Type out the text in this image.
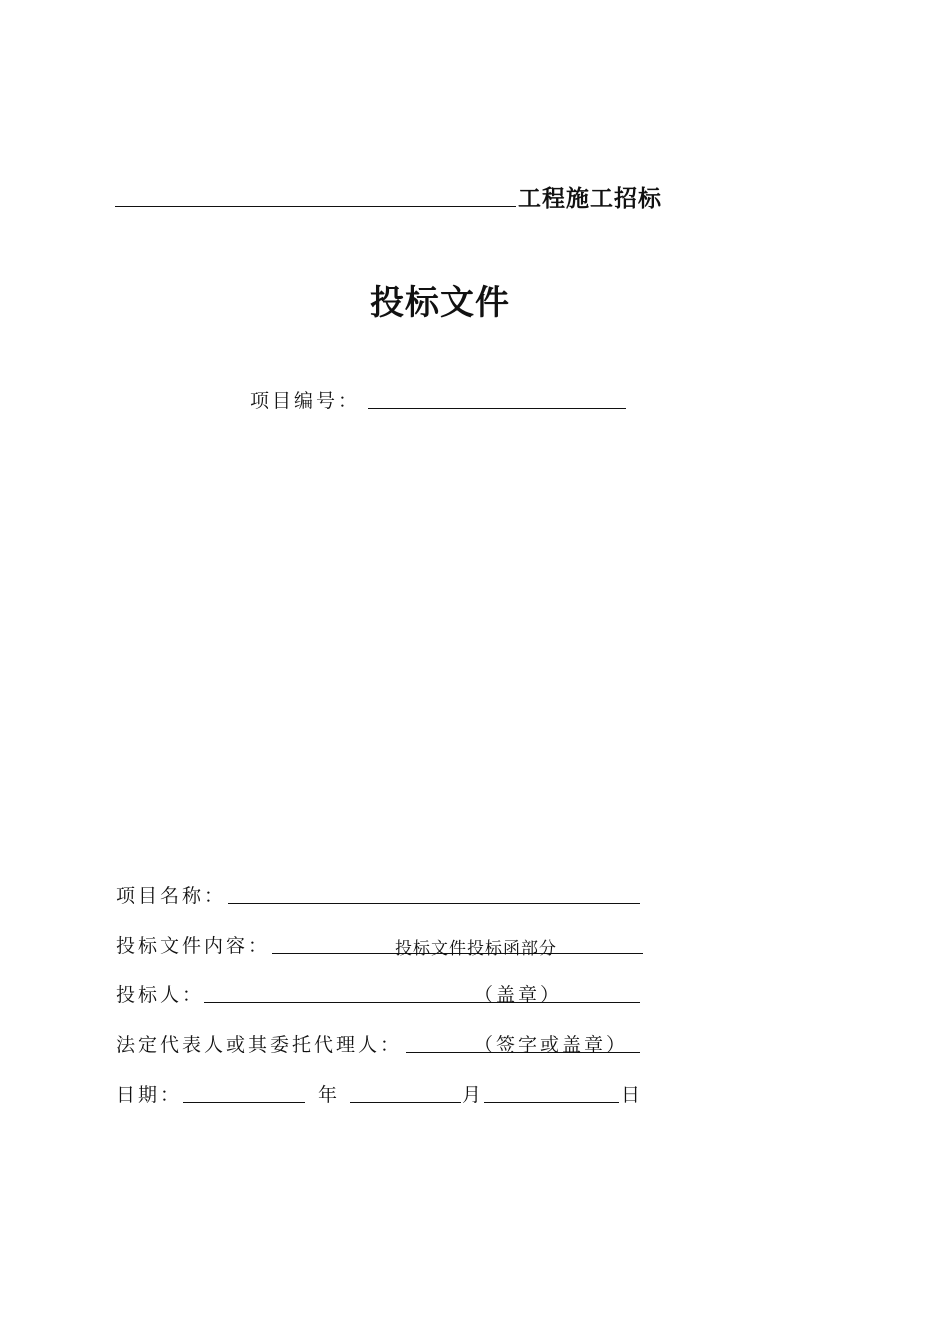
工程施工招标
投标文件
项目编号：
项目名称：
投标文件内容：	投标文件投标函部分
投标人：	（盖章）
法定代表人或其委托代理人：	（签字或盖章）
日期：	年	月	日
